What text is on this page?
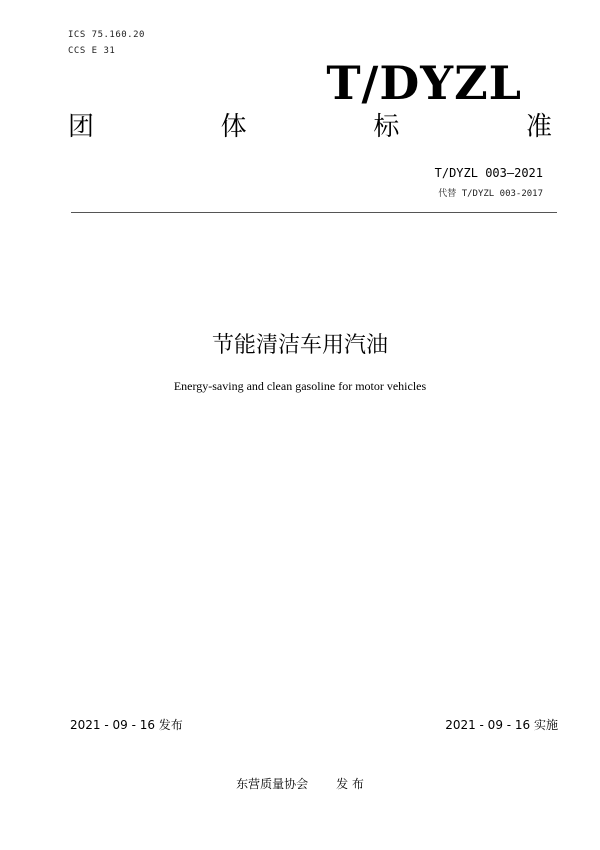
ICS 75.160.20
CCS E 31
T/DYZL
团	体	标	准
T/DYZL 003—2021
代替 T/DYZL 003-2017
节能清洁车用汽油
Energy-saving and clean gasoline for motor vehicles
2021 - 09 - 16 发布	2021 - 09 - 16 实施
东营质量协会 发 布
